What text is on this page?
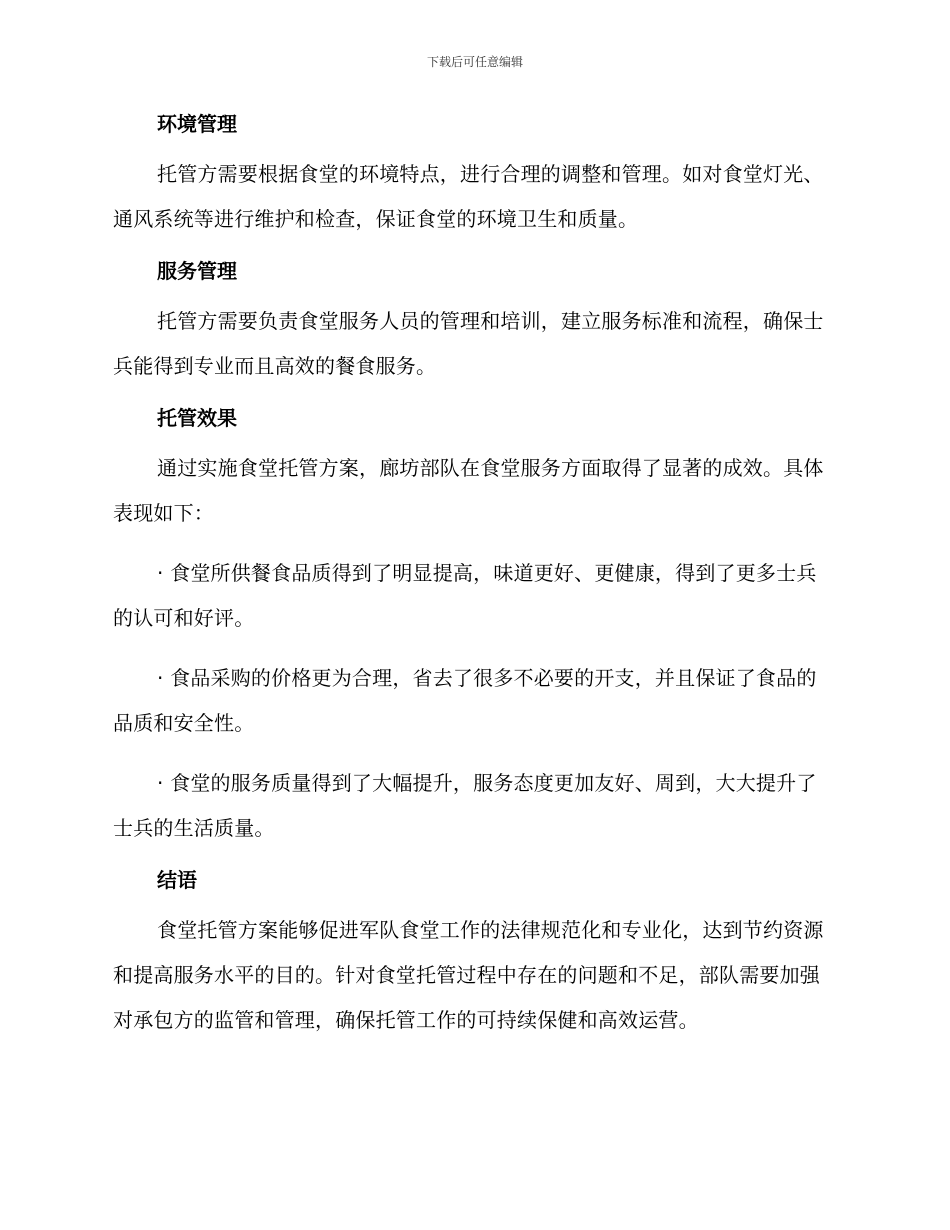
下载后可任意编辑
环境管理

托管方需要根据食堂的环境特点，进行合理的调整和管理。如对食堂灯光、通风系统等进行维护和检查，保证食堂的环境卫生和质量。

服务管理

托管方需要负责食堂服务人员的管理和培训，建立服务标准和流程，确保士兵能得到专业而且高效的餐食服务。

托管效果

通过实施食堂托管方案，廊坊部队在食堂服务方面取得了显著的成效。具体表现如下：

· 食堂所供餐食品质得到了明显提高，味道更好、更健康，得到了更多士兵的认可和好评。

· 食品采购的价格更为合理，省去了很多不必要的开支，并且保证了食品的品质和安全性。

· 食堂的服务质量得到了大幅提升，服务态度更加友好、周到，大大提升了士兵的生活质量。

结语

食堂托管方案能够促进军队食堂工作的法律规范化和专业化，达到节约资源和提高服务水平的目的。针对食堂托管过程中存在的问题和不足，部队需要加强对承包方的监管和管理，确保托管工作的可持续保健和高效运营。
